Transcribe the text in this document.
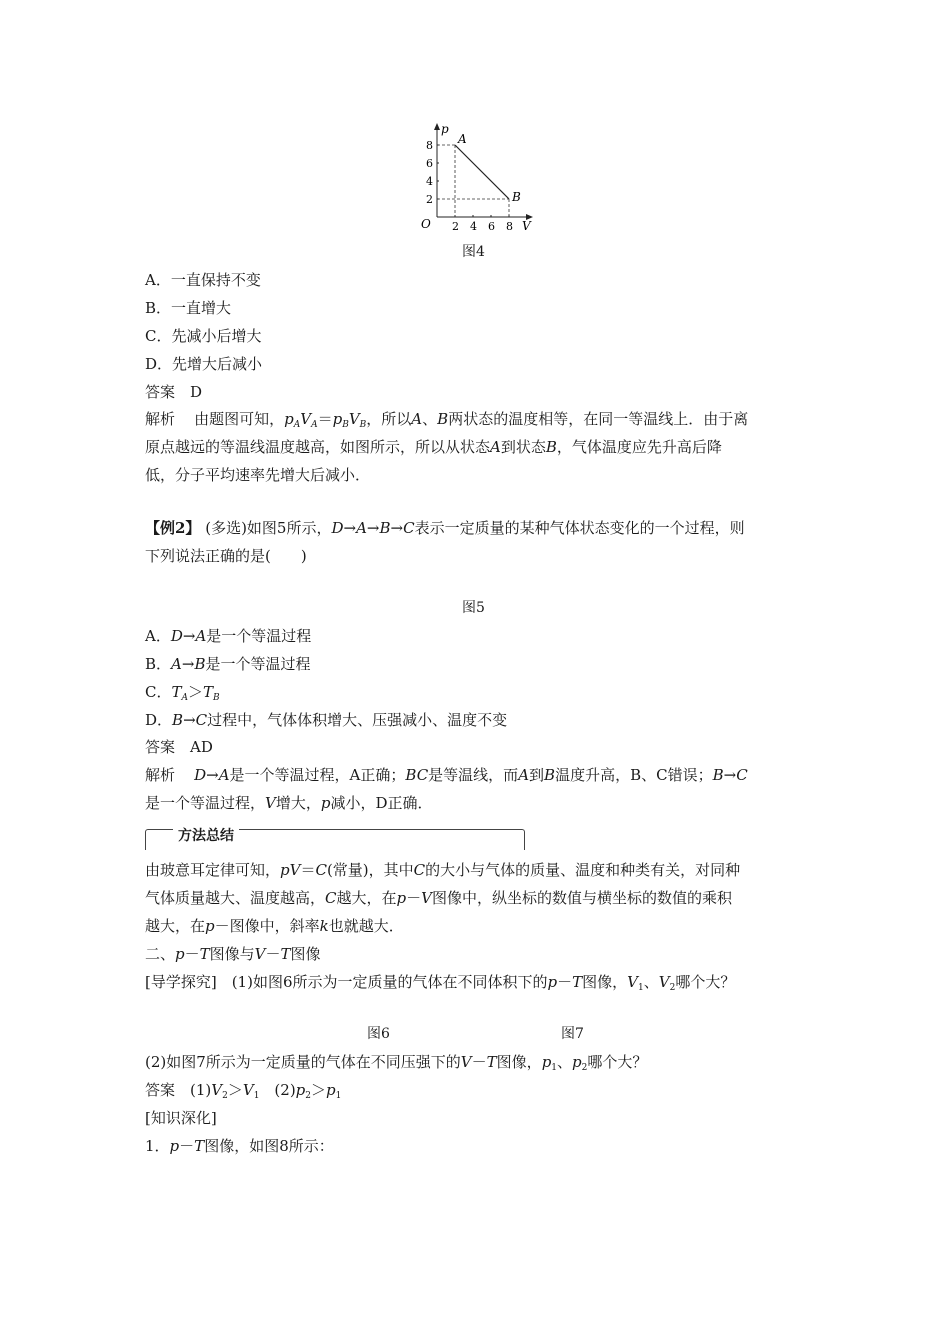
p
V
O
8
6
4
2
2 4 6 8
A
B
图4
A．一直保持不变
B．一直增大
C．先减小后增大
D．先增大后减小
答案　D
解析 由题图可知，$p_AV_A=p_BV_B$，所以A、B两状态的温度相等，在同一等温线上．由于离
原点越远的等温线温度越高，如图所示，所以从状态A到状态B，气体温度应先升高后降
低，分子平均速率先增大后减小．
【例2】 (多选)如图5所示，D→A→B→C表示一定质量的某种气体状态变化的一个过程，则
下列说法正确的是(　　)
图5
A．D→A是一个等温过程
B．A→B是一个等温过程
C．$T_A>T_B$
D．B→C过程中，气体体积增大、压强减小、温度不变
答案　AD
解析 D→A是一个等温过程，A正确；BC是等温线，而A到B温度升高，B、C错误；B→C
是一个等温过程，V增大，p减小，D正确．
方法总结
由玻意耳定律可知，pV＝C(常量)，其中C的大小与气体的质量、温度和种类有关，对同种
气体质量越大、温度越高，C越大，在p－V图像中，纵坐标的数值与横坐标的数值的乘积
越大，在p－图像中，斜率k也就越大．
二、p－T图像与V－T图像
[导学探究]　(1)如图6所示为一定质量的气体在不同体积下的p－T图像，$V_1$、$V_2$哪个大？
图6	图7
(2)如图7所示为一定质量的气体在不同压强下的V－T图像，$p_1$、$p_2$哪个大？
答案　$(1)V_2>V_1$　$(2)p_2>p_1$
[知识深化]
1．p－T图像，如图8所示：
